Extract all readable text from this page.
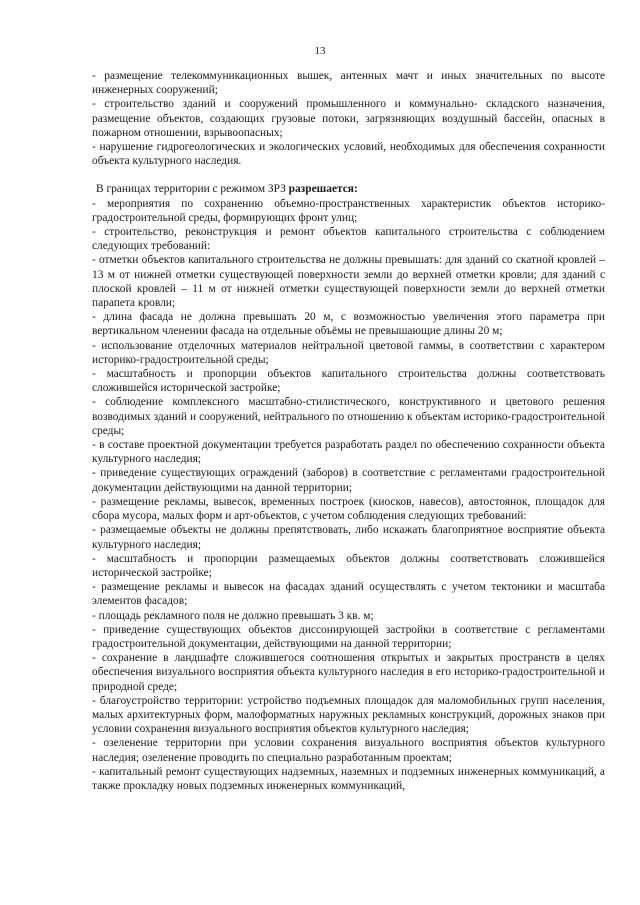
13

- размещение телекоммуникационных вышек, антенных мачт и иных значительных по высоте инженерных сооружений;

- строительство зданий и сооружений промышленного и коммунально- складского назначения, размещение объектов, создающих грузовые потоки, загрязняющих воздушный бассейн, опасных в пожарном отношении, взрывоопасных;

- нарушение гидрогеологических и экологических условий, необходимых для обеспечения сохранности объекта культурного наследия.

В границах территории с режимом ЗРЗ разрешается:

- мероприятия по сохранению объемно-пространственных характеристик объектов историко-градостроительной среды, формирующих фронт улиц;

- строительство, реконструкция и ремонт объектов капитального строительства с соблюдением следующих требований:

- отметки объектов капитального строительства не должны превышать: для зданий со скатной кровлей – 13 м от нижней отметки существующей поверхности земли до верхней отметки кровли; для зданий с плоской кровлей – 11 м от нижней отметки существующей поверхности земли до верхней отметки парапета кровли;

- длина фасада не должна превышать 20 м, с возможностью увеличения этого параметра при вертикальном членении фасада на отдельные объёмы не превышающие длины 20 м;

- использование отделочных материалов нейтральной цветовой гаммы, в соответствии с характером историко-градостроительной среды;

- масштабность и пропорции объектов капитального строительства должны соответствовать сложившейся исторической застройке;

- соблюдение комплексного масштабно-стилистического, конструктивного и цветового решения возводимых зданий и сооружений, нейтрального по отношению к объектам историко-градостроительной среды;

- в составе проектной документации требуется разработать раздел по обеспечению сохранности объекта культурного наследия;

- приведение существующих ограждений (заборов) в соответствие с регламентами градостроительной документации действующими на данной территории;

- размещение рекламы, вывесок, временных построек (киосков, навесов), автостоянок, площадок для сбора мусора, малых форм и арт-объектов, с учетом соблюдения следующих требований:

- размещаемые объекты не должны препятствовать, либо искажать благоприятное восприятие объекта культурного наследия;

- масштабность и пропорции размещаемых объектов должны соответствовать сложившейся исторической застройке;

- размещение рекламы и вывесок на фасадах зданий осуществлять с учетом тектоники и масштаба элементов фасадов;

- площадь рекламного поля не должно превышать 3 кв. м;

- приведение существующих объектов диссонирующей застройки в соответствие с регламентами градостроительной документации, действующими на данной территории;

- сохранение в ландшафте сложившегося соотношения открытых и закрытых пространств в целях обеспечения визуального восприятия объекта культурного наследия в его историко-градостроительной и природной среде;

- благоустройство территории: устройство подъемных площадок для маломобильных групп населения, малых архитектурных форм, малоформатных наружных рекламных конструкций, дорожных знаков при условии сохранения визуального восприятия объектов культурного наследия;

- озеленение территории при условии сохранения визуального восприятия объектов культурного наследия; озеленение проводить по специально разработанным проектам;

- капитальный ремонт существующих надземных, наземных и подземных инженерных коммуникаций, а также прокладку новых подземных инженерных коммуникаций,
